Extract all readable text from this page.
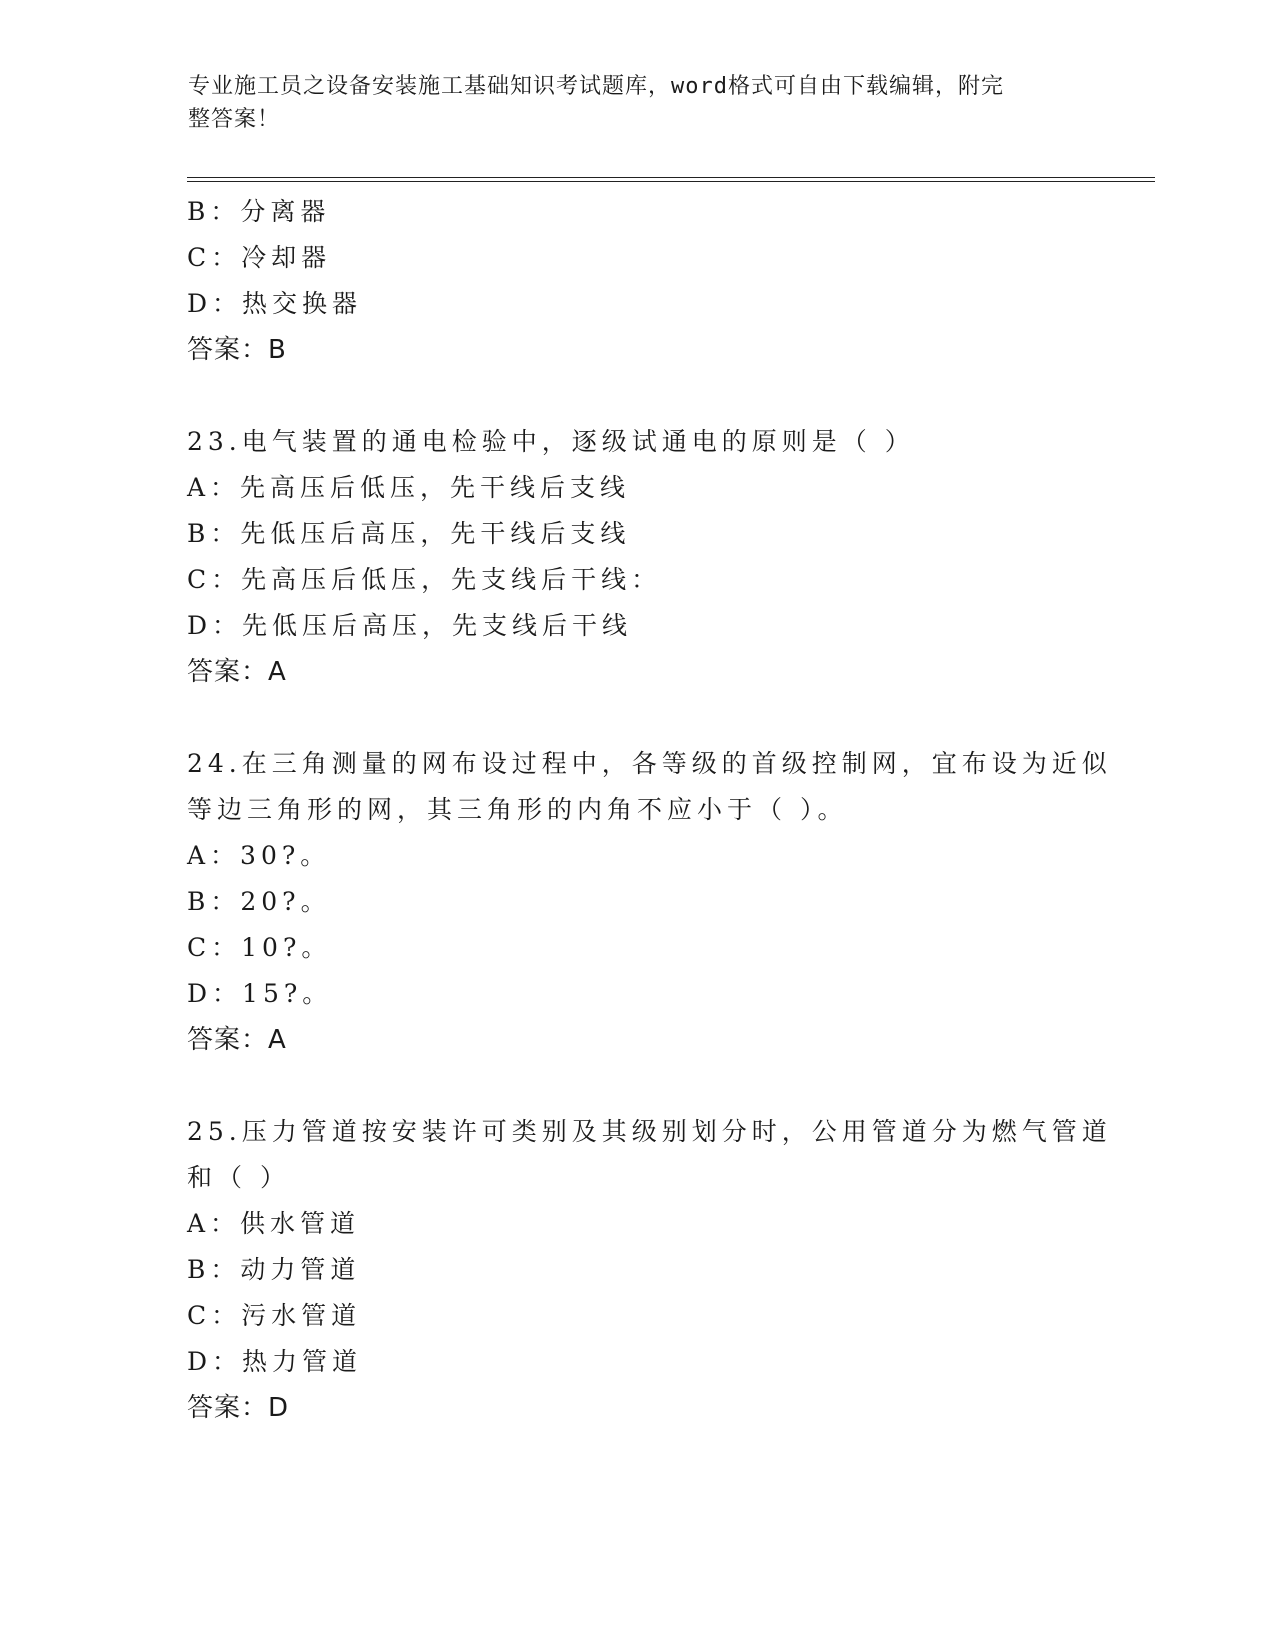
专业施工员之设备安装施工基础知识考试题库，word格式可自由下载编辑，附完
整答案！
B：分离器
C：冷却器
D：热交换器
答案：B
23.电气装置的通电检验中，逐级试通电的原则是（ ）
A：先高压后低压，先干线后支线
B：先低压后高压，先干线后支线
C：先高压后低压，先支线后干线：
D：先低压后高压，先支线后干线
答案：A
24.在三角测量的网布设过程中，各等级的首级控制网，宜布设为近似
等边三角形的网，其三角形的内角不应小于（ ）。
A：30?。
B：20?。
C：10?。
D：15?。
答案：A
25.压力管道按安装许可类别及其级别划分时，公用管道分为燃气管道
和（ ）
A：供水管道
B：动力管道
C：污水管道
D：热力管道
答案：D
